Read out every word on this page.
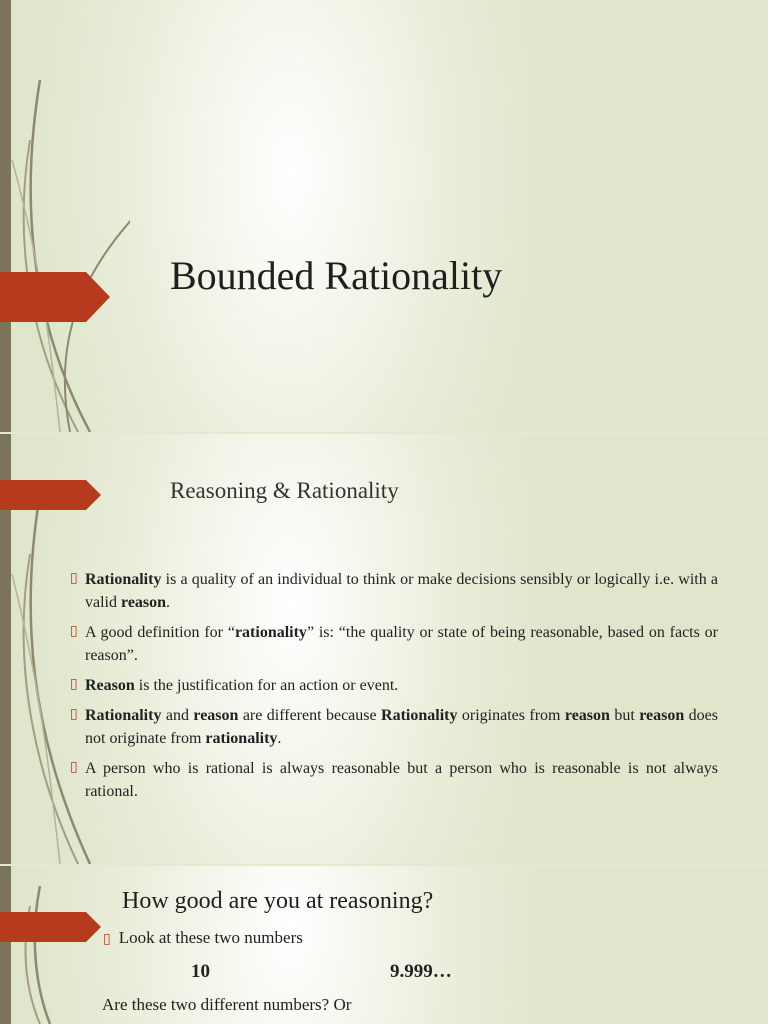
Bounded Rationality
Reasoning & Rationality
▯ Rationality is a quality of an individual to think or make decisions sensibly or logically i.e. with a valid reason.
▯ A good definition for “rationality” is: “the quality or state of being reasonable, based on facts or reason”.
▯ Reason is the justification for an action or event.
▯ Rationality and reason are different because Rationality originates from reason but reason does not originate from rationality.
▯ A person who is rational is always reasonable but a person who is reasonable is not always rational.
How good are you at reasoning?
▯ Look at these two numbers
10	9.999…
Are these two different numbers? Or
